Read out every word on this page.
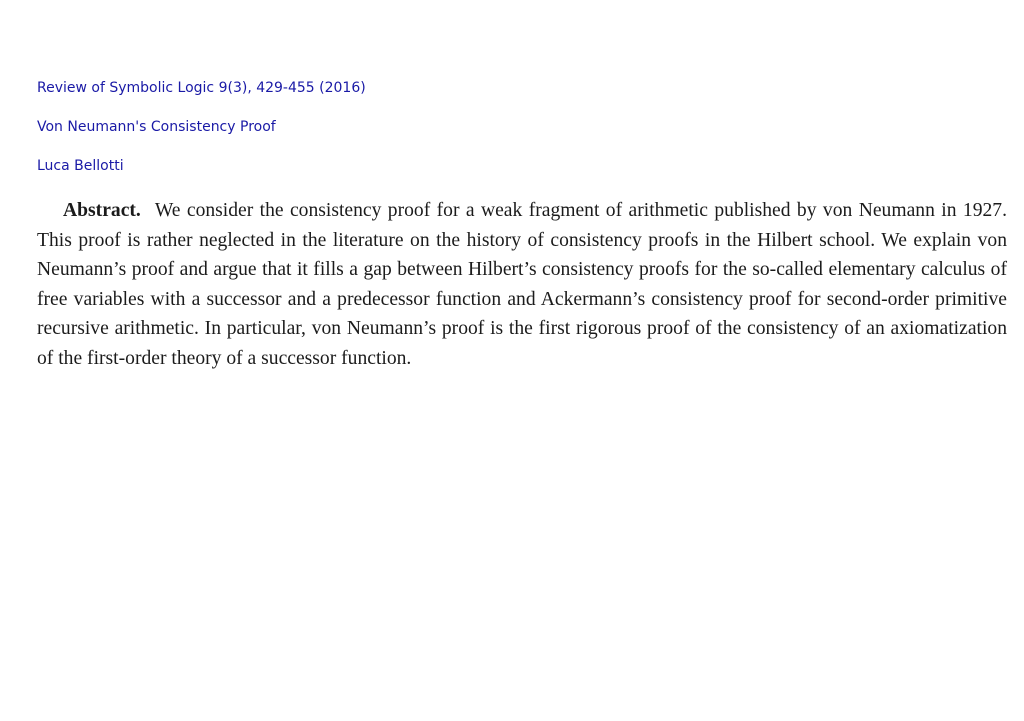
Review of Symbolic Logic 9(3), 429-455 (2016)
Von Neumann's Consistency Proof
Luca Bellotti

Abstract. We consider the consistency proof for a weak fragment of arithmetic published by von Neumann in 1927. This proof is rather neglected in the literature on the history of consistency proofs in the Hilbert school. We explain von Neumann’s proof and argue that it fills a gap between Hilbert’s consistency proofs for the so-called elementary calculus of free variables with a successor and a predecessor function and Ackermann’s consistency proof for second-order primitive recursive arithmetic. In particular, von Neumann’s proof is the first rigorous proof of the consistency of an axiomatization of the first-order theory of a successor function.
